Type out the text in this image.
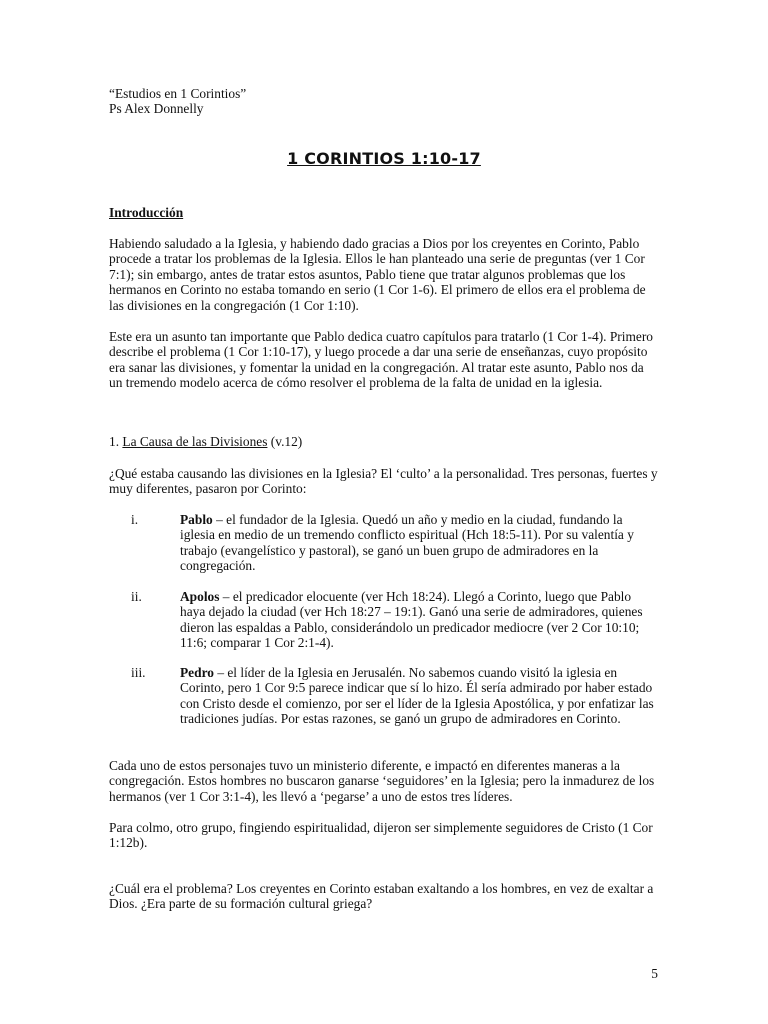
“Estudios en 1 Corintios”
Ps Alex Donnelly
1 CORINTIOS 1:10-17
Introducción

Habiendo saludado a la Iglesia, y habiendo dado gracias a Dios por los creyentes en Corinto, Pablo procede a tratar los problemas de la Iglesia. Ellos le han planteado una serie de preguntas (ver 1 Cor 7:1); sin embargo, antes de tratar estos asuntos, Pablo tiene que tratar algunos problemas que los hermanos en Corinto no estaba tomando en serio (1 Cor 1-6). El primero de ellos era el problema de las divisiones en la congregación (1 Cor 1:10).

Este era un asunto tan importante que Pablo dedica cuatro capítulos para tratarlo (1 Cor 1-4). Primero describe el problema (1 Cor 1:10-17), y luego procede a dar una serie de enseñanzas, cuyo propósito era sanar las divisiones, y fomentar la unidad en la congregación. Al tratar este asunto, Pablo nos da un tremendo modelo acerca de cómo resolver el problema de la falta de unidad en la iglesia.

1. La Causa de las Divisiones (v.12)

¿Qué estaba causando las divisiones en la Iglesia? El ‘culto’ a la personalidad. Tres personas, fuertes y muy diferentes, pasaron por Corinto:

i.	Pablo – el fundador de la Iglesia. Quedó un año y medio en la ciudad, fundando la iglesia en medio de un tremendo conflicto espiritual (Hch 18:5-11). Por su valentía y trabajo (evangelístico y pastoral), se ganó un buen grupo de admiradores en la congregación.
ii.	Apolos – el predicador elocuente (ver Hch 18:24). Llegó a Corinto, luego que Pablo haya dejado la ciudad (ver Hch 18:27 – 19:1). Ganó una serie de admiradores, quienes dieron las espaldas a Pablo, considerándolo un predicador mediocre (ver 2 Cor 10:10; 11:6; comparar 1 Cor 2:1-4).
iii.	Pedro – el líder de la Iglesia en Jerusalén. No sabemos cuando visitó la iglesia en Corinto, pero 1 Cor 9:5 parece indicar que sí lo hizo. Él sería admirado por haber estado con Cristo desde el comienzo, por ser el líder de la Iglesia Apostólica, y por enfatizar las tradiciones judías. Por estas razones, se ganó un grupo de admiradores en Corinto.

Cada uno de estos personajes tuvo un ministerio diferente, e impactó en diferentes maneras a la congregación. Estos hombres no buscaron ganarse ‘seguidores’ en la Iglesia; pero la inmadurez de los hermanos (ver 1 Cor 3:1-4), les llevó a ‘pegarse’ a uno de estos tres líderes.

Para colmo, otro grupo, fingiendo espiritualidad, dijeron ser simplemente seguidores de Cristo (1 Cor 1:12b).

¿Cuál era el problema? Los creyentes en Corinto estaban exaltando a los hombres, en vez de exaltar a Dios. ¿Era parte de su formación cultural griega?

5
